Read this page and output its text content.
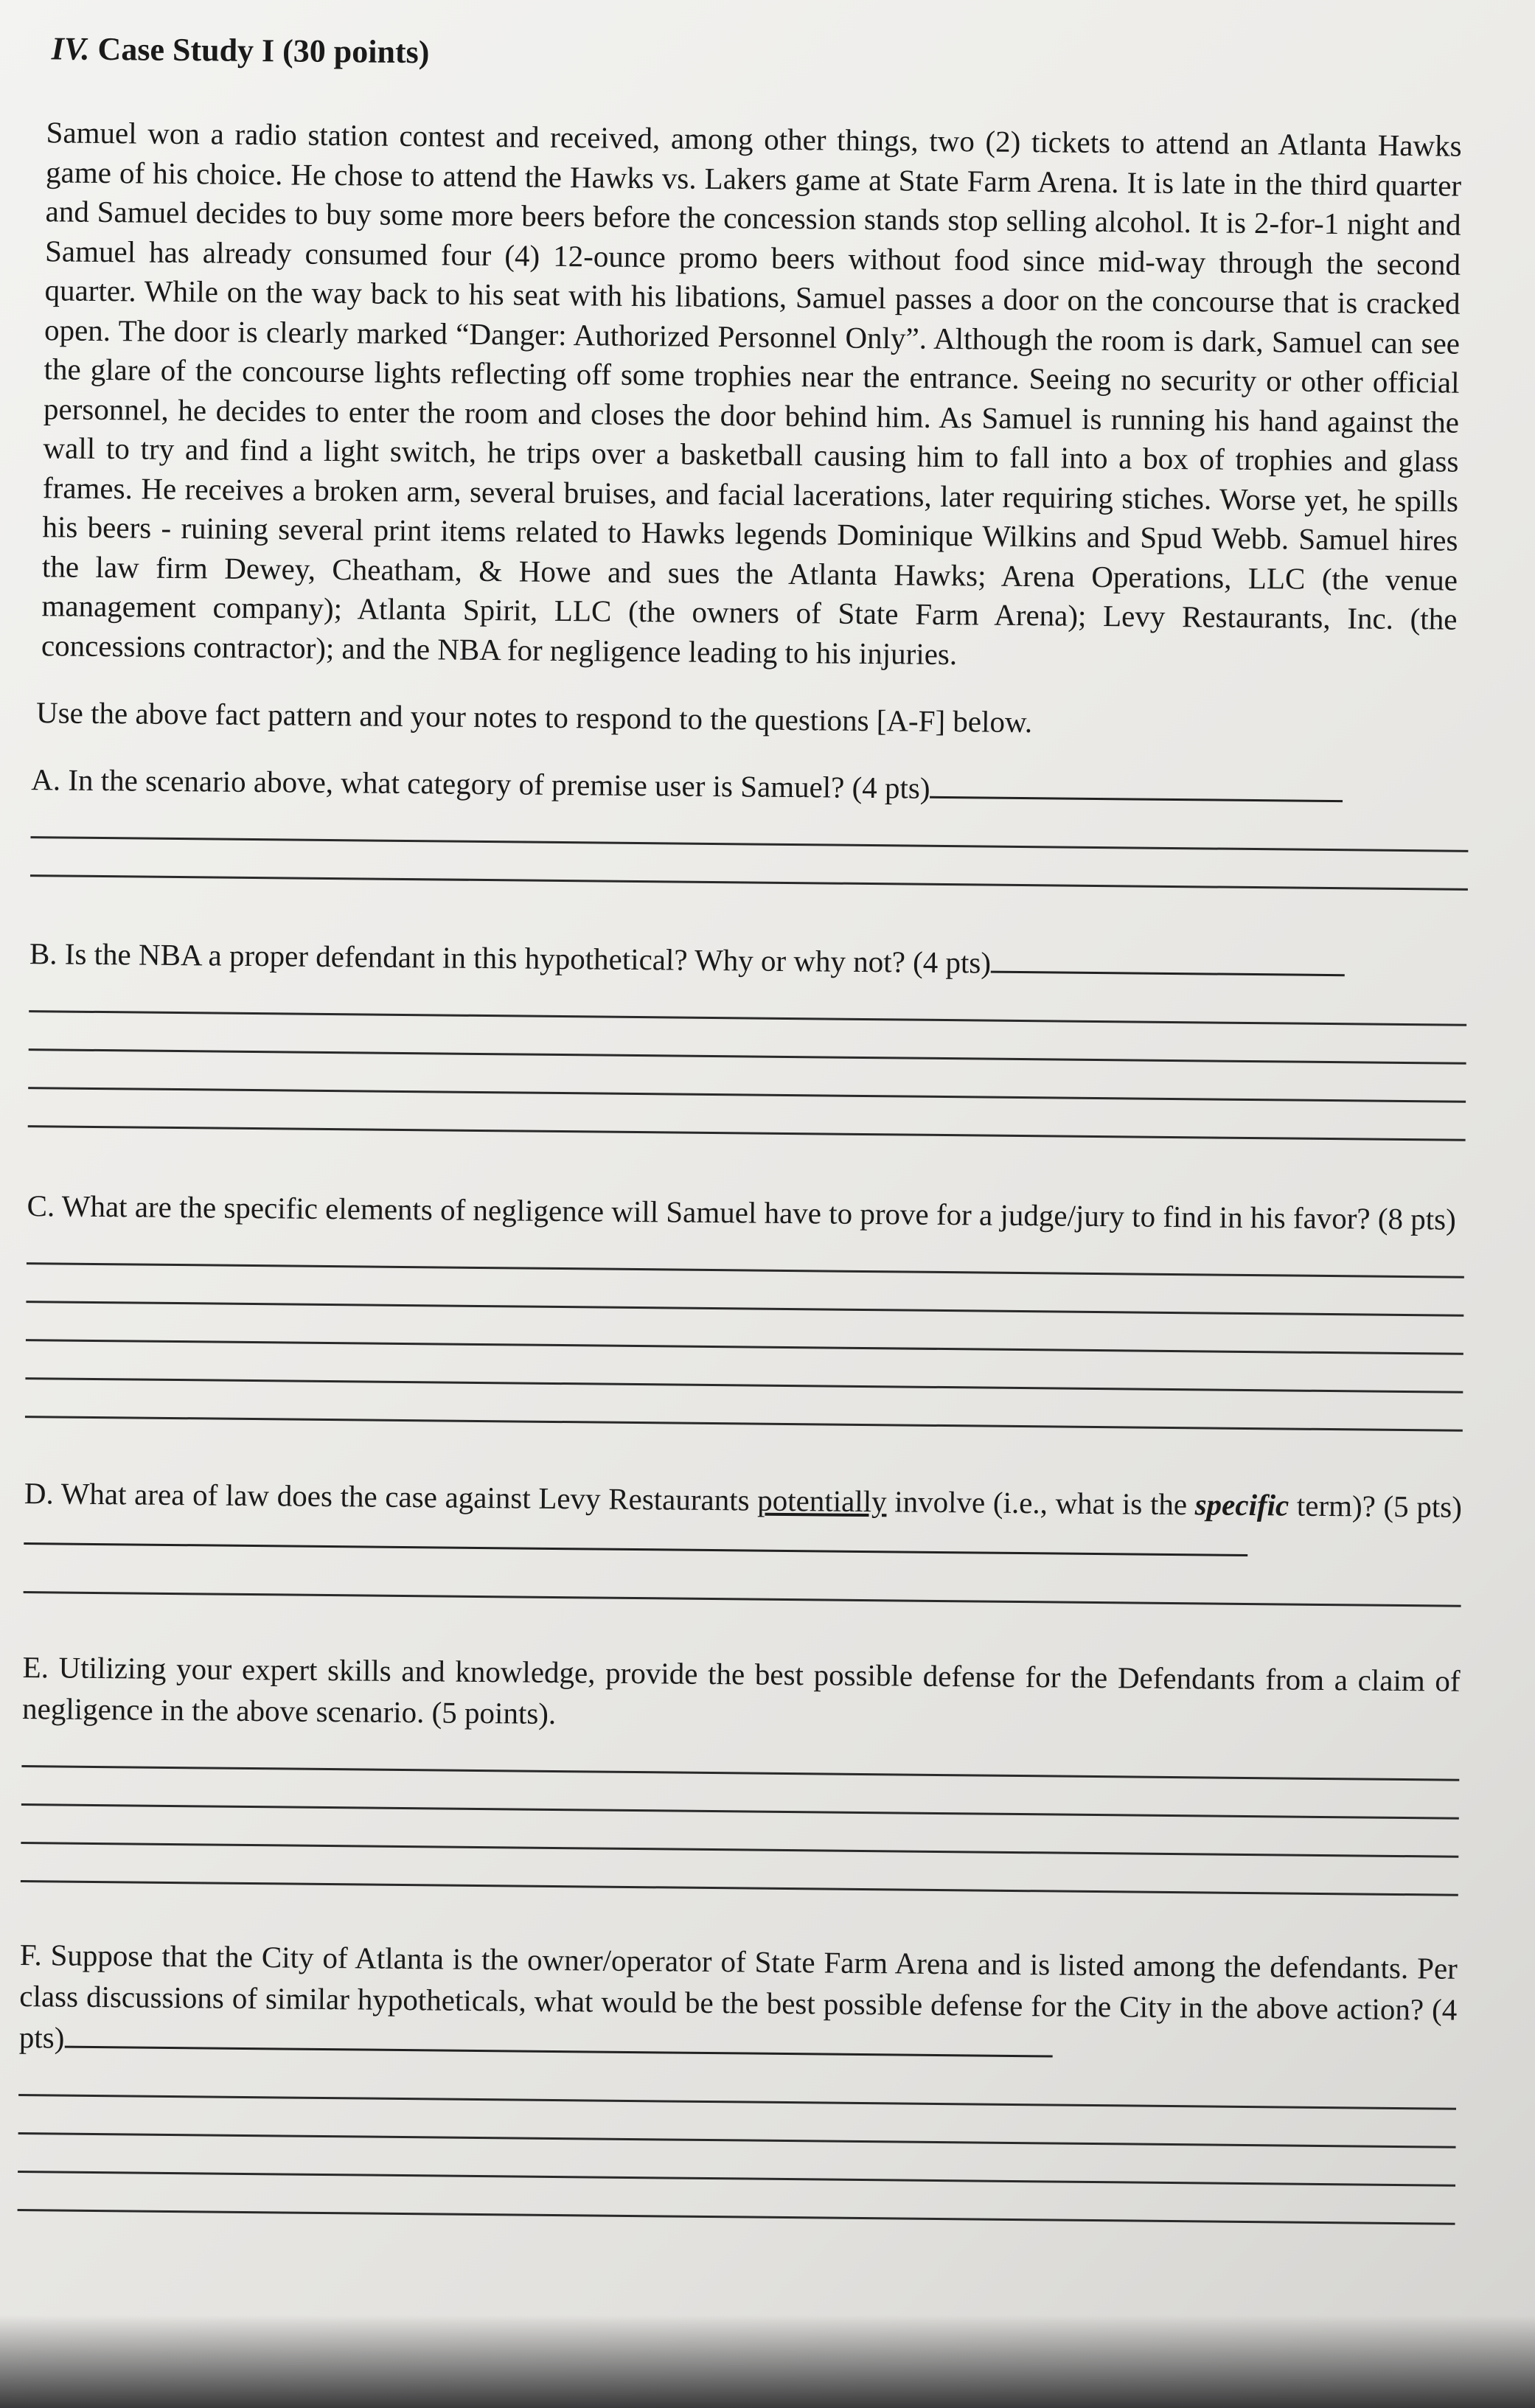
IV. Case Study I (30 points)
Samuel won a radio station contest and received, among other things, two (2) tickets to attend an Atlanta Hawks game of his choice. He chose to attend the Hawks vs. Lakers game at State Farm Arena. It is late in the third quarter and Samuel decides to buy some more beers before the concession stands stop selling alcohol. It is 2-for-1 night and Samuel has already consumed four (4) 12-ounce promo beers without food since mid-way through the second quarter. While on the way back to his seat with his libations, Samuel passes a door on the concourse that is cracked open. The door is clearly marked “Danger: Authorized Personnel Only”. Although the room is dark, Samuel can see the glare of the concourse lights reflecting off some trophies near the entrance. Seeing no security or other official personnel, he decides to enter the room and closes the door behind him. As Samuel is running his hand against the wall to try and find a light switch, he trips over a basketball causing him to fall into a box of trophies and glass frames. He receives a broken arm, several bruises, and facial lacerations, later requiring stiches. Worse yet, he spills his beers - ruining several print items related to Hawks legends Dominique Wilkins and Spud Webb. Samuel hires the law firm Dewey, Cheatham, & Howe and sues the Atlanta Hawks; Arena Operations, LLC (the venue management company); Atlanta Spirit, LLC (the owners of State Farm Arena); Levy Restaurants, Inc. (the concessions contractor); and the NBA for negligence leading to his injuries.
Use the above fact pattern and your notes to respond to the questions [A-F] below.
A. In the scenario above, what category of premise user is Samuel? (4 pts)
B. Is the NBA a proper defendant in this hypothetical? Why or why not? (4 pts)
C. What are the specific elements of negligence will Samuel have to prove for a judge/jury to find in his favor? (8 pts)
D. What area of law does the case against Levy Restaurants potentially involve (i.e., what is the specific term)? (5 pts)
E. Utilizing your expert skills and knowledge, provide the best possible defense for the Defendants from a claim of negligence in the above scenario. (5 points).
F. Suppose that the City of Atlanta is the owner/operator of State Farm Arena and is listed among the defendants. Per class discussions of similar hypotheticals, what would be the best possible defense for the City in the above action? (4 pts)
